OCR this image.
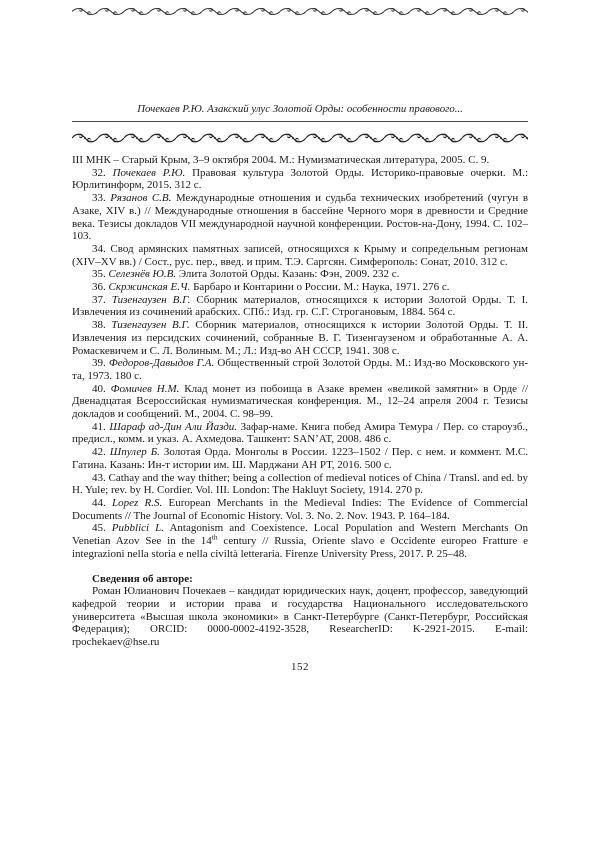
Почекаев Р.Ю. Азакский улус Золотой Орды: особенности правового...

III МНК – Старый Крым, 3–9 октября 2004. М.: Нумизматическая литература, 2005. С. 9.

32. Почекаев Р.Ю. Правовая культура Золотой Орды. Историко-правовые очерки. М.: Юрлитинформ, 2015. 312 с.

33. Рязанов С.В. Международные отношения и судьба технических изобретений (чугун в Азаке, XIV в.) // Международные отношения в бассейне Черного моря в древности и Средние века. Тезисы докладов VII международной научной конференции. Ростов-на-Дону, 1994. С. 102–103.

34. Свод армянских памятных записей, относящихся к Крыму и сопредельным регионам (XIV–XV вв.) / Сост., рус. пер., введ. и прим. Т.Э. Саргсян. Симферополь: Сонат, 2010. 312 с.

35. Селезнёв Ю.В. Элита Золотой Орды. Казань: Фэн, 2009. 232 с.

36. Скржинская Е.Ч. Барбаро и Контарини о России. М.: Наука, 1971. 276 с.

37. Тизенгаузен В.Г. Сборник материалов, относящихся к истории Золотой Орды. Т. I. Извлечения из сочинений арабских. СПб.: Изд. гр. С.Г. Строгановым, 1884. 564 с.

38. Тизенгаузен В.Г. Сборник материалов, относящихся к истории Золотой Орды. Т. II. Извлечения из персидских сочинений, собранные В. Г. Тизенгаузеном и обработанные А. А. Ромаскевичем и С. Л. Волиным. М.; Л.: Изд-во АН СССР, 1941. 308 с.

39. Федоров-Давыдов Г.А. Общественный строй Золотой Орды. М.: Изд-во Московского ун-та, 1973. 180 с.

40. Фомичев Н.М. Клад монет из побоища в Азаке времен «великой замятни» в Орде // Двенадцатая Всероссийская нумизматическая конференция. М., 12–24 апреля 2004 г. Тезисы докладов и сообщений. М., 2004. С. 98–99.

41. Шараф ад-Дин Али Йазди. Зафар-наме. Книга побед Амира Темура / Пер. со староузб., предисл., комм. и указ. А. Ахмедова. Ташкент: SAN’AT, 2008. 486 с.

42. Шпулер Б. Золотая Орда. Монголы в России. 1223–1502 / Пер. с нем. и коммент. М.С. Гатина. Казань: Ин-т истории им. Ш. Марджани АН РТ, 2016. 500 с.

43. Cathay and the way thither; being a collection of medieval notices of China / Transl. and ed. by H. Yule; rev. by H. Cordier. Vol. III. London: The Hakluyt Society, 1914. 270 p.

44. Lopez R.S. European Merchants in the Medieval Indies: The Evidence of Commercial Documents // The Journal of Economic History. Vol. 3. No. 2. Nov. 1943. P. 164–184.

45. Pubblici L. Antagonism and Coexistence. Local Population and Western Merchants On Venetian Azov See in the 14th century // Russia, Oriente slavo e Occidente europeo Fratture e integrazioni nella storia e nella civiltà letteraria. Firenze University Press, 2017. P. 25–48.

Сведения об авторе:

Роман Юлианович Почекаев – кандидат юридических наук, доцент, профессор, заведующий кафедрой теории и истории права и государства Национального исследовательского университета «Высшая школа экономики» в Санкт-Петербурге (Санкт-Петербург, Российская Федерация); ORCID: 0000-0002-4192-3528, ResearcherID: K-2921-2015. E-mail: rpochekaev@hse.ru

152
